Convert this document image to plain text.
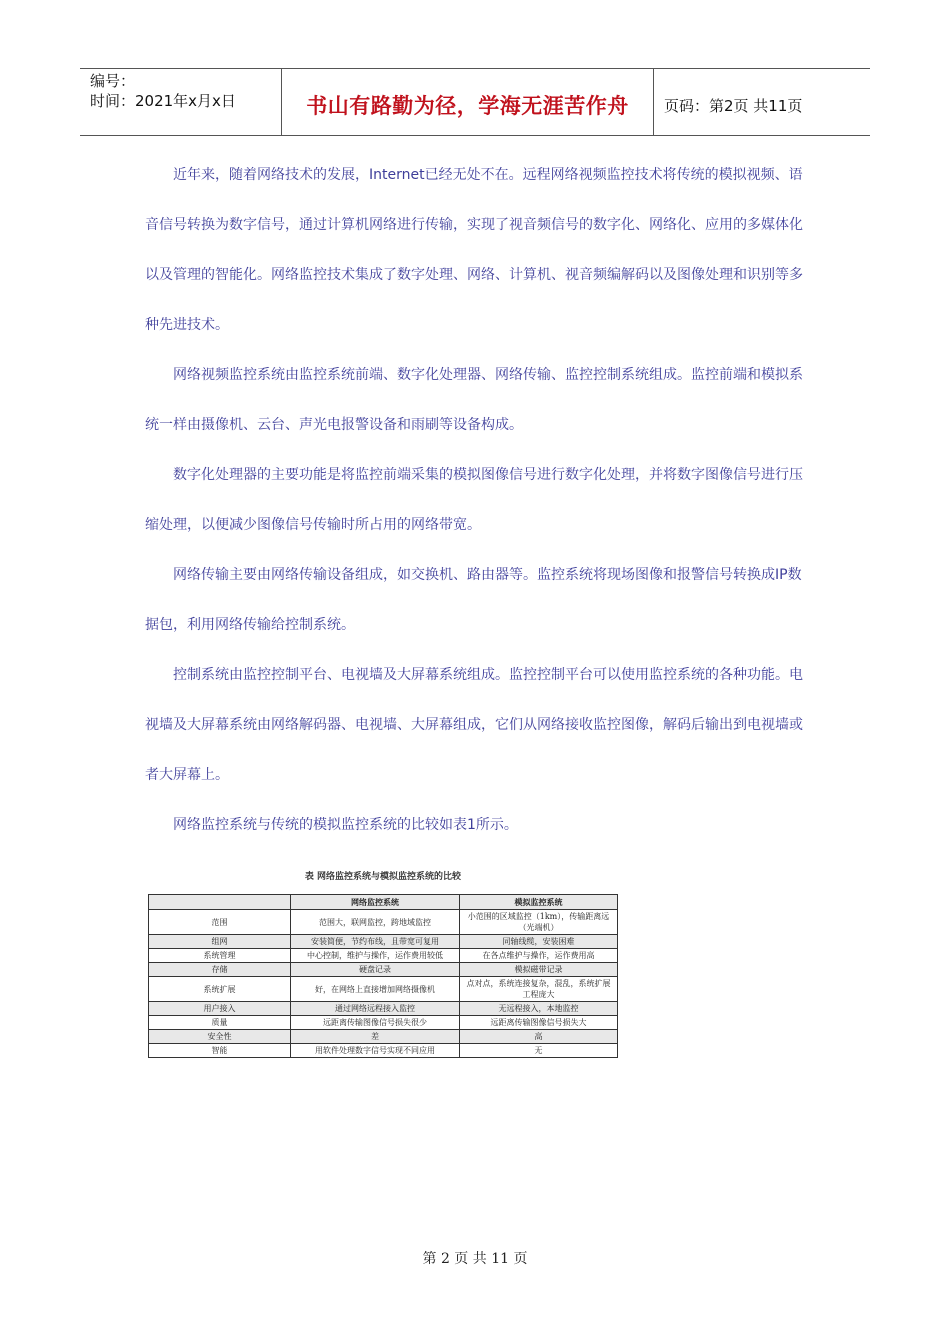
编号：
时间：2021年x月x日	书山有路勤为径，学海无涯苦作舟	页码：第2页 共11页

近年来，随着网络技术的发展，Internet已经无处不在。远程网络视频监控技术将传统的模拟视频、语音信号转换为数字信号，通过计算机网络进行传输，实现了视音频信号的数字化、网络化、应用的多媒体化以及管理的智能化。网络监控技术集成了数字处理、网络、计算机、视音频编解码以及图像处理和识别等多种先进技术。

网络视频监控系统由监控系统前端、数字化处理器、网络传输、监控控制系统组成。监控前端和模拟系统一样由摄像机、云台、声光电报警设备和雨刷等设备构成。

数字化处理器的主要功能是将监控前端采集的模拟图像信号进行数字化处理，并将数字图像信号进行压缩处理，以便减少图像信号传输时所占用的网络带宽。

网络传输主要由网络传输设备组成，如交换机、路由器等。监控系统将现场图像和报警信号转换成IP数据包，利用网络传输给控制系统。

控制系统由监控控制平台、电视墙及大屏幕系统组成。监控控制平台可以使用监控系统的各种功能。电视墙及大屏幕系统由网络解码器、电视墙、大屏幕组成，它们从网络接收监控图像，解码后输出到电视墙或者大屏幕上。

网络监控系统与传统的模拟监控系统的比较如表1所示。

表 网络监控系统与模拟监控系统的比较
	网络监控系统	模拟监控系统
范围	范围大，联网监控，跨地域监控	小范围的区域监控（1km），传输距离远（光端机）
组网	安装简便，节约布线，且带宽可复用	同轴线缆，安装困难
系统管理	中心控制，维护与操作，运作费用较低	在各点维护与操作，运作费用高
存储	硬盘记录	模拟磁带记录
系统扩展	好，在网络上直接增加网络摄像机	点对点，系统连接复杂，混乱，系统扩展工程庞大
用户接入	通过网络远程接入监控	无远程接入，本地监控
质量	远距离传输图像信号损失很少	远距离传输图像信号损失大
安全性	差	高
智能	用软件处理数字信号实现不同应用	无
第 2 页 共 11 页
